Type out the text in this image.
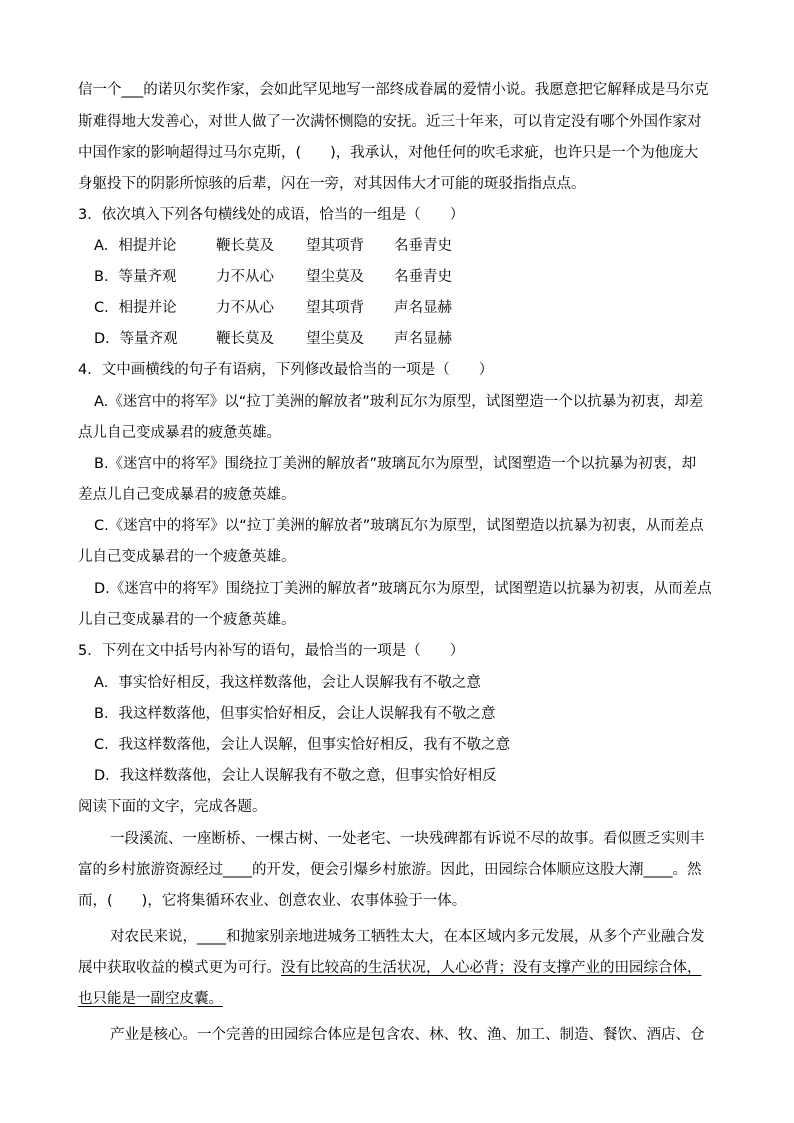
信一个___的诺贝尔奖作家，会如此罕见地写一部终成眷属的爱情小说。我愿意把它解释成是马尔克
斯难得地大发善心，对世人做了一次满怀恻隐的安抚。近三十年来，可以肯定没有哪个外国作家对
中国作家的影响超得过马尔克斯，(　　)，我承认，对他任何的吹毛求疵，也许只是一个为他庞大
身躯投下的阴影所惊骇的后辈，闪在一旁，对其因伟大才可能的斑驳指指点点。
3．依次填入下列各句横线处的成语，恰当的一组是（　　）
A．相提并论	鞭长莫及 望其项背 名垂青史
B．等量齐观	力不从心 望尘莫及 名垂青史
C．相提并论	力不从心 望其项背 声名显赫
D．等量齐观	鞭长莫及 望尘莫及 声名显赫
4．文中画横线的句子有语病，下列修改最恰当的一项是（　　）
A.《迷宫中的将军》以“拉丁美洲的解放者”玻利瓦尔为原型，试图塑造一个以抗暴为初衷，却差
点儿自己变成暴君的疲惫英雄。
B.《迷宫中的将军》围绕拉丁美洲的解放者”玻璃瓦尔为原型，试图塑造一个以抗暴为初衷，却
差点儿自己变成暴君的疲惫英雄。
C.《迷宫中的将军》以“拉丁美洲的解放者”玻璃瓦尔为原型，试图塑造以抗暴为初衷，从而差点
儿自己变成暴君的一个疲惫英雄。
D.《迷宫中的将军》围绕拉丁美洲的解放者”玻璃瓦尔为原型，试图塑造以抗暴为初衷，从而差点
儿自己变成暴君的一个疲惫英雄。
5．下列在文中括号内补写的语句，最恰当的一项是（　　）
A．事实恰好相反，我这样数落他，会让人误解我有不敬之意
B．我这样数落他，但事实恰好相反，会让人误解我有不敬之意
C．我这样数落他，会让人误解，但事实恰好相反，我有不敬之意
D．我这样数落他，会让人误解我有不敬之意，但事实恰好相反
阅读下面的文字，完成各题。
一段溪流、一座断桥、一棵古树、一处老宅、一块残碑都有诉说不尽的故事。看似匮乏实则丰
富的乡村旅游资源经过____的开发，便会引爆乡村旅游。因此，田园综合体顺应这股大潮____。然
而，(　　)，它将集循环农业、创意农业、农事体验于一体。
对农民来说，____和抛家别亲地进城务工牺牲太大，在本区域内多元发展，从多个产业融合发
展中获取收益的模式更为可行。没有比较高的生活状况，人心必背；没有支撑产业的田园综合体，
也只能是一副空皮囊。
产业是核心。一个完善的田园综合体应是包含农、林、牧、渔、加工、制造、餐饮、酒店、仓
